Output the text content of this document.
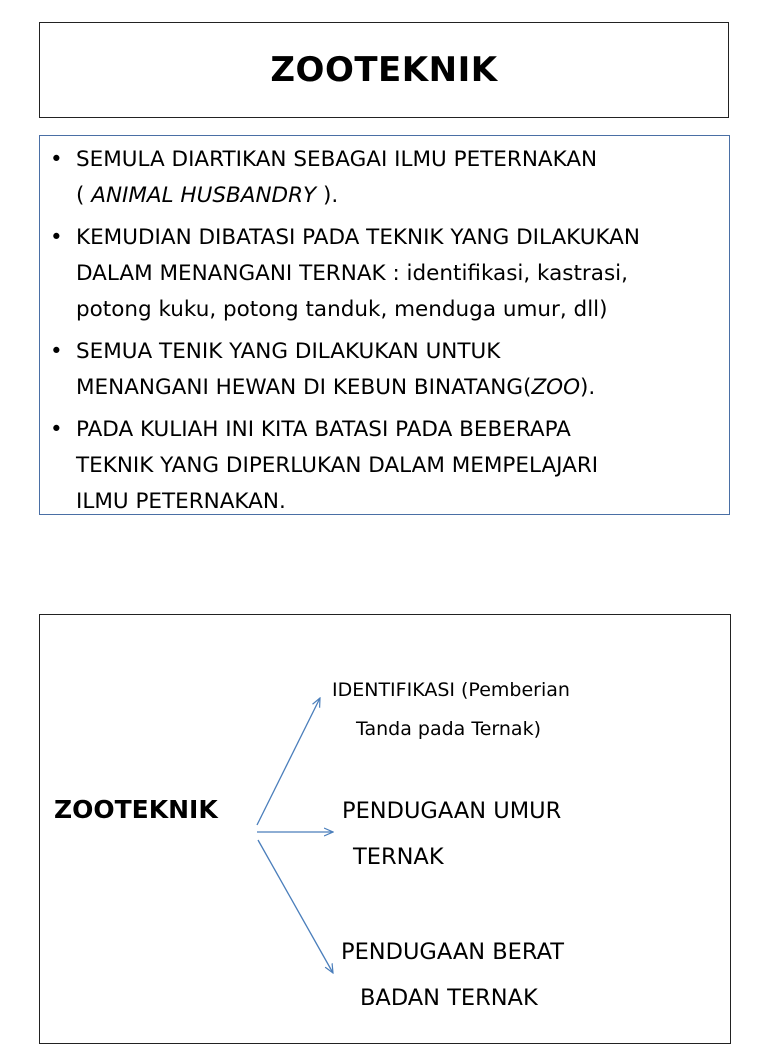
ZOOTEKNIK
• SEMULA DIARTIKAN SEBAGAI ILMU PETERNAKAN
( ANIMAL HUSBANDRY ).
• KEMUDIAN DIBATASI PADA TEKNIK YANG DILAKUKAN
DALAM MENANGANI TERNAK : identifikasi, kastrasi,
potong kuku, potong tanduk, menduga umur, dll)
• SEMUA TENIK YANG DILAKUKAN UNTUK
MENANGANI HEWAN DI KEBUN BINATANG(ZOO).
• PADA KULIAH INI KITA BATASI PADA BEBERAPA
TEKNIK YANG DIPERLUKAN DALAM MEMPELAJARI
ILMU PETERNAKAN.
ZOOTEKNIK
IDENTIFIKASI (Pemberian
Tanda pada Ternak)
PENDUGAAN UMUR
TERNAK
PENDUGAAN BERAT
BADAN TERNAK
